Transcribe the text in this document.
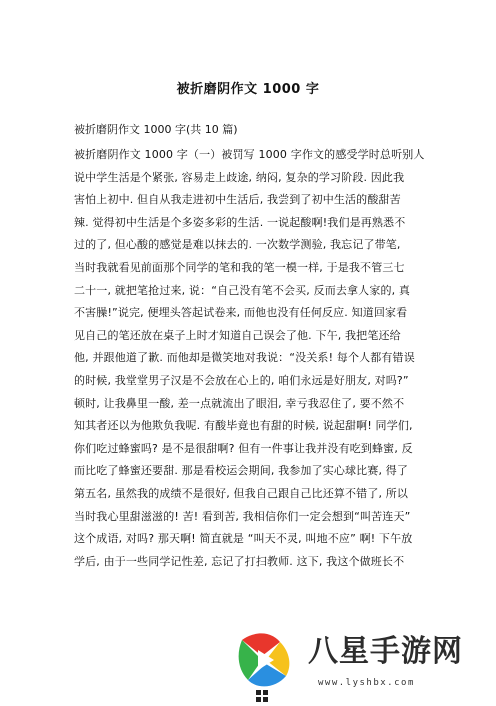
被折磨阴作文 1000 字
被折磨阴作文 1000 字(共 10 篇)
被折磨阴作文 1000 字（一）被罚写 1000 字作文的感受学时总听别人
说中学生活是个紧张, 容易走上歧途, 纳闷, 复杂的学习阶段. 因此我
害怕上初中. 但自从我走进初中生活后, 我尝到了初中生活的酸甜苦
辣. 觉得初中生活是个多姿多彩的生活. 一说起酸啊!我们是再熟悉不
过的了, 但心酸的感觉是难以抹去的. 一次数学测验, 我忘记了带笔,
当时我就看见前面那个同学的笔和我的笔一模一样, 于是我不管三七
二十一, 就把笔抢过来, 说：“自己没有笔不会买, 反而去拿人家的, 真
不害臊!”说完, 便埋头答起试卷来, 而他也没有任何反应. 知道回家看
见自己的笔还放在桌子上时才知道自己误会了他. 下午, 我把笔还给
他, 并跟他道了歉. 而他却是微笑地对我说：“没关系! 每个人都有错误
的时候, 我堂堂男子汉是不会放在心上的, 咱们永远是好朋友, 对吗?”
顿时, 让我鼻里一酸, 差一点就流出了眼泪, 幸亏我忍住了, 要不然不
知其者还以为他欺负我呢. 有酸毕竟也有甜的时候, 说起甜啊! 同学们,
你们吃过蜂蜜吗? 是不是很甜啊? 但有一件事让我并没有吃到蜂蜜, 反
而比吃了蜂蜜还要甜. 那是看校运会期间, 我参加了实心球比赛, 得了
第五名, 虽然我的成绩不是很好, 但我自己跟自己比还算不错了, 所以
当时我心里甜滋滋的! 苦! 看到苦, 我相信你们一定会想到“叫苦连天”
这个成语, 对吗? 那天啊! 简直就是 “叫天不灵, 叫地不应” 啊! 下午放
学后, 由于一些同学记性差, 忘记了打扫教师. 这下, 我这个做班长不
八星手游网
www.lyshbx.com
